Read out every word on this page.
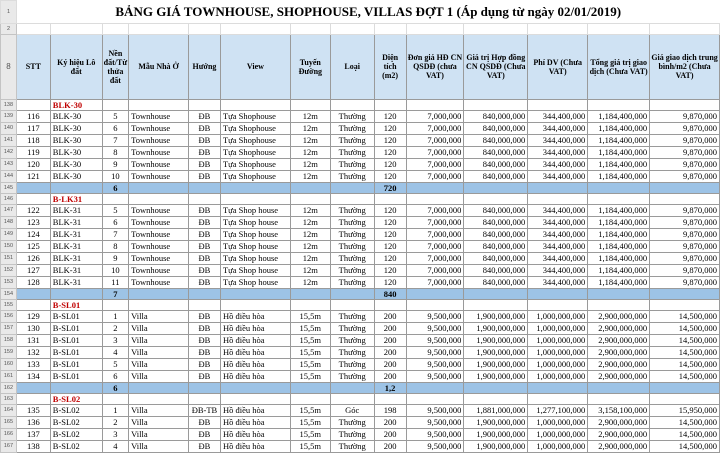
1	BẢNG GIÁ TOWNHOUSE, SHOPHOUSE, VILLAS ĐỢT 1 (Áp dụng từ ngày 02/01/2019)													
2														
8	STT	Ký hiệu Lô đất	Nền đất/Từ thửa đất	Mẫu Nhà Ở	Hướng	View	Tuyến Đường	Loại	Diện tích (m2)	Đơn giá HĐ CN QSDĐ (chưa VAT)	Giá trị Hợp đồng CN QSDĐ (Chưa VAT)	Phí DV (Chưa VAT)	Tổng giá trị giao dịch (Chưa VAT)	Giá giao dịch trung bình/m2 (Chưa VAT)
138		BLK-30												
139	116	BLK-30	5	Townhouse	ĐB	Tựa Shophouse	12m	Thường	120	7,000,000	840,000,000	344,400,000	1,184,400,000	9,870,000
140	117	BLK-30	6	Townhouse	ĐB	Tựa Shophouse	12m	Thường	120	7,000,000	840,000,000	344,400,000	1,184,400,000	9,870,000
141	118	BLK-30	7	Townhouse	ĐB	Tựa Shophouse	12m	Thường	120	7,000,000	840,000,000	344,400,000	1,184,400,000	9,870,000
142	119	BLK-30	8	Townhouse	ĐB	Tựa Shophouse	12m	Thường	120	7,000,000	840,000,000	344,400,000	1,184,400,000	9,870,000
143	120	BLK-30	9	Townhouse	ĐB	Tựa Shophouse	12m	Thường	120	7,000,000	840,000,000	344,400,000	1,184,400,000	9,870,000
144	121	BLK-30	10	Townhouse	ĐB	Tựa Shophouse	12m	Thường	120	7,000,000	840,000,000	344,400,000	1,184,400,000	9,870,000
145			6						720					
146		B-LK31												
147	122	BLK-31	5	Townhouse	ĐB	Tựa Shop house	12m	Thường	120	7,000,000	840,000,000	344,400,000	1,184,400,000	9,870,000
148	123	BLK-31	6	Townhouse	ĐB	Tựa Shop house	12m	Thường	120	7,000,000	840,000,000	344,400,000	1,184,400,000	9,870,000
149	124	BLK-31	7	Townhouse	ĐB	Tựa Shop house	12m	Thường	120	7,000,000	840,000,000	344,400,000	1,184,400,000	9,870,000
150	125	BLK-31	8	Townhouse	ĐB	Tựa Shop house	12m	Thường	120	7,000,000	840,000,000	344,400,000	1,184,400,000	9,870,000
151	126	BLK-31	9	Townhouse	ĐB	Tựa Shop house	12m	Thường	120	7,000,000	840,000,000	344,400,000	1,184,400,000	9,870,000
152	127	BLK-31	10	Townhouse	ĐB	Tựa Shop house	12m	Thường	120	7,000,000	840,000,000	344,400,000	1,184,400,000	9,870,000
153	128	BLK-31	11	Townhouse	ĐB	Tựa Shop house	12m	Thường	120	7,000,000	840,000,000	344,400,000	1,184,400,000	9,870,000
154			7						840					
155		B-SL01												
156	129	B-SL01	1	Villa	ĐB	Hồ điều hòa	15,5m	Thường	200	9,500,000	1,900,000,000	1,000,000,000	2,900,000,000	14,500,000
157	130	B-SL01	2	Villa	ĐB	Hồ điều hòa	15,5m	Thường	200	9,500,000	1,900,000,000	1,000,000,000	2,900,000,000	14,500,000
158	131	B-SL01	3	Villa	ĐB	Hồ điều hòa	15,5m	Thường	200	9,500,000	1,900,000,000	1,000,000,000	2,900,000,000	14,500,000
159	132	B-SL01	4	Villa	ĐB	Hồ điều hòa	15,5m	Thường	200	9,500,000	1,900,000,000	1,000,000,000	2,900,000,000	14,500,000
160	133	B-SL01	5	Villa	ĐB	Hồ điều hòa	15,5m	Thường	200	9,500,000	1,900,000,000	1,000,000,000	2,900,000,000	14,500,000
161	134	B-SL01	6	Villa	ĐB	Hồ điều hòa	15,5m	Thường	200	9,500,000	1,900,000,000	1,000,000,000	2,900,000,000	14,500,000
162			6						1,2					
163		B-SL02												
164	135	B-SL02	1	Villa	ĐB-TB	Hồ điều hòa	15,5m	Góc	198	9,500,000	1,881,000,000	1,277,100,000	3,158,100,000	15,950,000
165	136	B-SL02	2	Villa	ĐB	Hồ điều hòa	15,5m	Thường	200	9,500,000	1,900,000,000	1,000,000,000	2,900,000,000	14,500,000
166	137	B-SL02	3	Villa	ĐB	Hồ điều hòa	15,5m	Thường	200	9,500,000	1,900,000,000	1,000,000,000	2,900,000,000	14,500,000
167	138	B-SL02	4	Villa	ĐB	Hồ điều hòa	15,5m	Thường	200	9,500,000	1,900,000,000	1,000,000,000	2,900,000,000	14,500,000
